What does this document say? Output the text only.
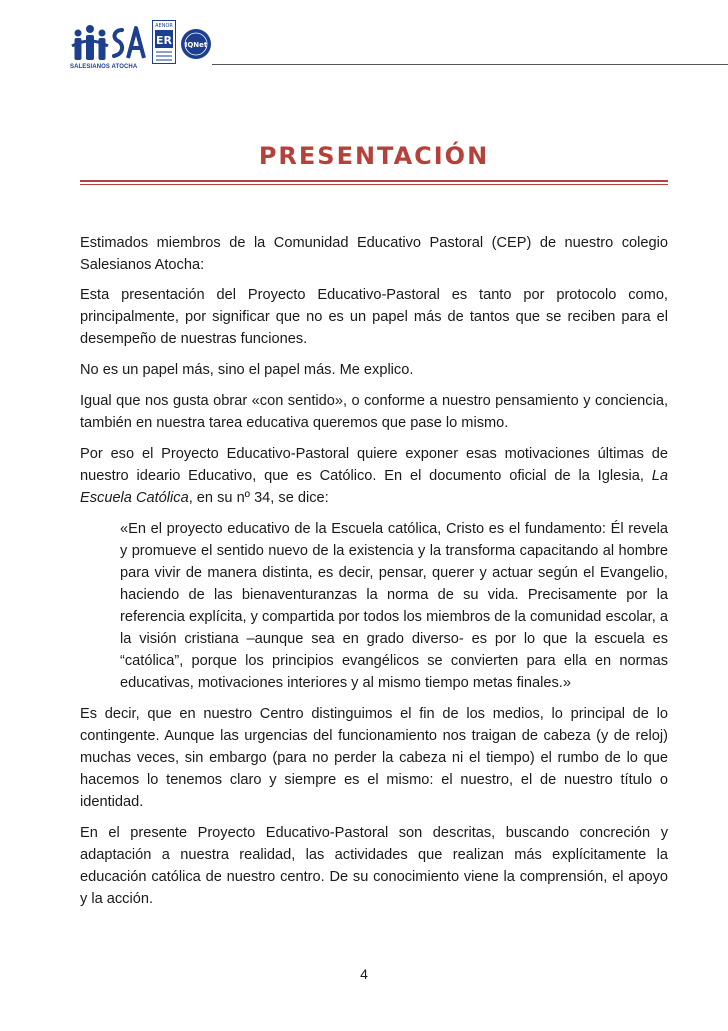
SALESIANOS ATOCHA
AENOR
ER IQNet
PRESENTACIÓN

Estimados miembros de la Comunidad Educativo Pastoral (CEP) de nuestro colegio Salesianos Atocha:

Esta presentación del Proyecto Educativo-Pastoral es tanto por protocolo como, principalmente, por significar que no es un papel más de tantos que se reciben para el desempeño de nuestras funciones.

No es un papel más, sino el papel más. Me explico.

Igual que nos gusta obrar «con sentido», o conforme a nuestro pensamiento y conciencia, también en nuestra tarea educativa queremos que pase lo mismo.

Por eso el Proyecto Educativo-Pastoral quiere exponer esas motivaciones últimas de nuestro ideario Educativo, que es Católico. En el documento oficial de la Iglesia, La Escuela Católica, en su nº 34, se dice:

«En el proyecto educativo de la Escuela católica, Cristo es el fundamento: Él revela y promueve el sentido nuevo de la existencia y la transforma capacitando al hombre para vivir de manera distinta, es decir, pensar, querer y actuar según el Evangelio, haciendo de las bienaventuranzas la norma de su vida. Precisamente por la referencia explícita, y compartida por todos los miembros de la comunidad escolar, a la visión cristiana –aunque sea en grado diverso- es por lo que la escuela es “católica”, porque los principios evangélicos se convierten para ella en normas educativas, motivaciones interiores y al mismo tiempo metas finales.»

Es decir, que en nuestro Centro distinguimos el fin de los medios, lo principal de lo contingente. Aunque las urgencias del funcionamiento nos traigan de cabeza (y de reloj) muchas veces, sin embargo (para no perder la cabeza ni el tiempo) el rumbo de lo que hacemos lo tenemos claro y siempre es el mismo: el nuestro, el de nuestro título o identidad.

En el presente Proyecto Educativo-Pastoral son descritas, buscando concreción y adaptación a nuestra realidad, las actividades que realizan más explícitamente la educación católica de nuestro centro. De su conocimiento viene la comprensión, el apoyo y la acción.

4
